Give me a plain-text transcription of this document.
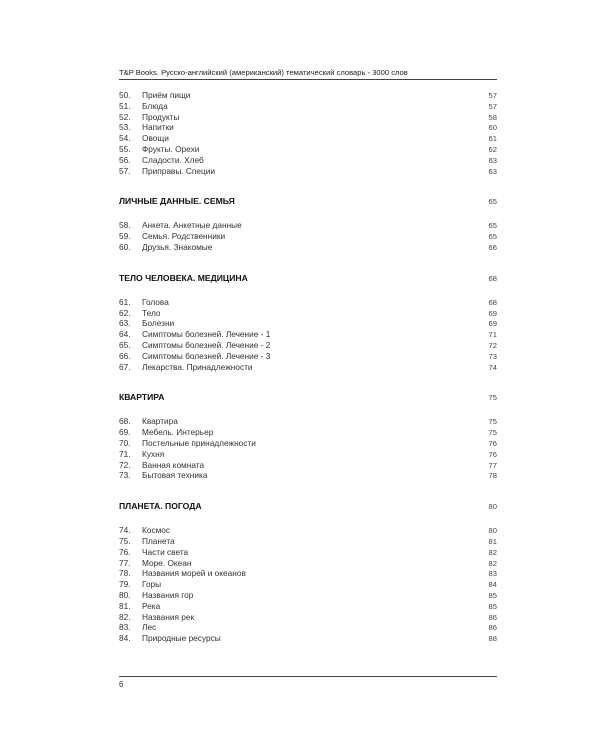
T&P Books. Русско-английский (американский) тематический словарь - 3000 слов
50.	Приём пищи	57
51.	Блюда	57
52.	Продукты	58
53.	Напитки	60
54.	Овощи	61
55.	Фрукты. Орехи	62
56.	Сладости. Хлеб	63
57.	Приправы. Специи	63
ЛИЧНЫЕ ДАННЫЕ. СЕМЬЯ	65
58.	Анкета. Анкетные данные	65
59.	Семья. Родственники	65
60.	Друзья. Знакомые	66
ТЕЛО ЧЕЛОВЕКА. МЕДИЦИНА	68
61.	Голова	68
62.	Тело	69
63.	Болезни	69
64.	Симптомы болезней. Лечение - 1	71
65.	Симптомы болезней. Лечение - 2	72
66.	Симптомы болезней. Лечение - 3	73
67.	Лекарства. Принадлежности	74
КВАРТИРА	75
68.	Квартира	75
69.	Мебель. Интерьер	75
70.	Постельные принадлежности	76
71.	Кухня	76
72.	Ванная комната	77
73.	Бытовая техника	78
ПЛАНЕТА. ПОГОДА	80
74.	Космос	80
75.	Планета	81
76.	Части света	82
77.	Море. Океан	82
78.	Названия морей и океанов	83
79.	Горы	84
80.	Названия гор	85
81.	Река	85
82.	Названия рек	86
83.	Лес	86
84.	Природные ресурсы	88
6
